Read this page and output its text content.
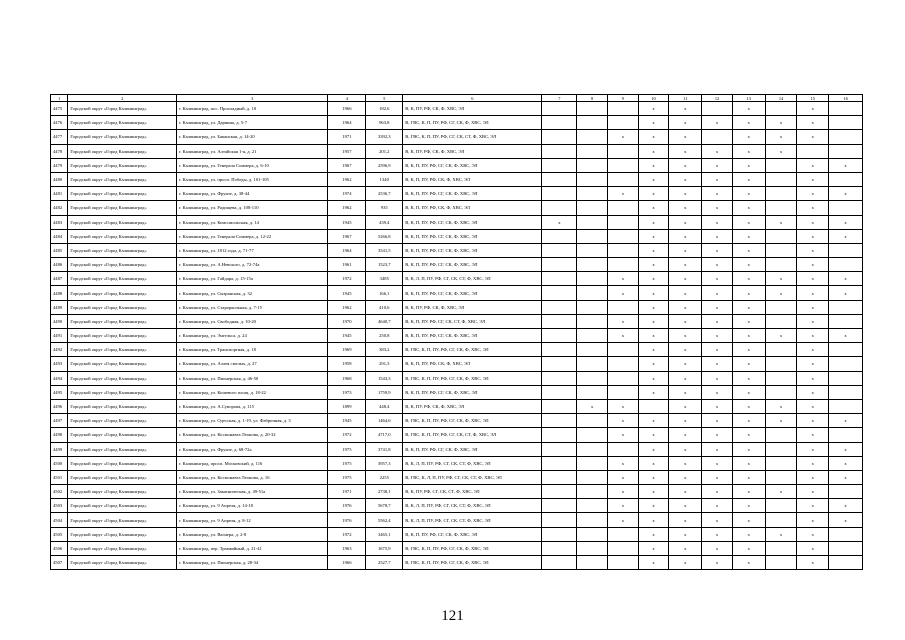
1	2	3	4	5	6	7	8	9	10	11	12	13	14	15	16
4475	Городской округ «Город Калининград»	г. Калининград, пос. Прохладный, д. 10	1966	182,6	В, К, ПУ, РФ, СК, Ф, ХВС, ЭЛ				x	x		x		x	
4476	Городской округ «Город Калининград»	г. Калининград, ул. Дарвина, д. 5-7	1964	963,8	В, ГВС, К, П, ПУ, РФ, СГ, СК, Ф, ХВС, ЭЛ				x	x	x	x	x	x	
4477	Городской округ «Город Калининград»	г. Калининград, ул. Баканская, д. 14-20	1971	3392,3	В, ГВС, К, П, ПУ, РФ, СГ, СК, СТ, Ф, ХВС, ЭЛ			x	x	x		x	x	x	
4478	Городской округ «Город Калининград»	г. Калининград, ул. Алтайская 1-я, д. 21	1957	201,2	В, К, ПУ, РФ, СК, Ф, ХВС, ЭЛ				x	x	x	x	x		
4479	Городской округ «Город Калининград»	г. Калининград, ул. Генерала Соммера, д. 6-10	1967	2596,9	В, К, П, ПУ, РФ, СГ, СК, Ф, ХВС, ЭЛ				x	x	x	x		x	x
4480	Городской округ «Город Калининград»	г. Калининград, ул. просп. Победы, д. 101-105	1962	1340	В, К, П, ПУ, РФ, СК, Ф, ХВС, ЭЛ				x	x	x	x		x	
4481	Городской округ «Город Калининград»	г. Калининград, ул. Фрунзе, д. 38-44	1974	2536,7	В, К, П, ПУ, РФ, СГ, СК, Ф, ХВС, ЭЛ			x	x	x	x	x		x	x
4482	Городской округ «Город Калининград»	г. Калининград, ул. Радищева, д. 108-110	1962	935	В, К, П, ПУ, РФ, СК, Ф, ХВС, ЭЛ				x	x	x	x		x	
4483	Городской округ «Город Калининград»	г. Калининград, ул. Комсомольская, д. 14	1945	439,4	В, К, П, ПУ, РФ, СГ, СК, Ф, ХВС, ЭЛ	x			x	x	x	x	x	x	x
4484	Городской округ «Город Калининград»	г. Калининград, ул. Генерала Соммера, д. 12-22	1967	5266,8	В, К, П, ПУ, РФ, СГ, СК, Ф, ХВС, ЭЛ				x	x	x	x		x	x
4485	Городской округ «Город Калининград»	г. Калининград, ул. 1812 года, д. 71-77	1964	3541,5	В, К, П, ПУ, РФ, СГ, СК, Ф, ХВС, ЭЛ				x	x	x	x		x	
4486	Городской округ «Город Калининград»	г. Калининград, ул. А.Невского, д. 72-74а	1961	1523,7	В, К, П, ПУ, РФ, СГ, СК, Ф, ХВС, ЭЛ				x	x	x	x		x	
4487	Городской округ «Город Калининград»	г. Калининград, ул. Гайдара, д. 15-15а	1972	3485	В, К, Л, П, ПУ, РФ, СГ, СК, СТ, Ф, ХВС, ЭЛ			x	x	x	x	x	x	x	x
4488	Городской округ «Город Калининград»	г. Калининград, ул. Сызранская, д. 32	1945	166,1	В, К, П, ПУ, РФ, СГ, СК, Ф, ХВС, ЭЛ			x	x	x	x	x	x	x	x
4489	Городской округ «Город Калининград»	г. Калининград, ул. Староркольная, д. 7-15	1962	410,6	В, К, ПУ, РФ, СК, Ф, ХВС, ЭЛ				x	x	x	x		x	
4490	Городской округ «Город Калининград»	г. Калининград, ул. Свободная, д. 10-20	1970	4640,7	В, К, П, ПУ, РФ, СГ, СК, СТ, Ф, ХВС, ЭЛ			x	x	x	x	x		x	
4491	Городской округ «Город Калининград»	г. Калининград, ул. Энгельса, д. 24	1945	250,8	В, К, П, ПУ, РФ, СГ, СК, Ф, ХВС, ЭЛ			x	x	x	x	x	x	x	x
4492	Городской округ «Город Калининград»	г. Калининград, ул. Транспортная, д. 18	1969	383,2	В, ГВС, К, П, ПУ, РФ, СГ, СК, Ф, ХВС, ЭЛ				x	x	x	x		x	
4493	Городской округ «Город Калининград»	г. Калининград, ул. Аллея смелых, д. 27	1958	291,3	В, К, П, ПУ, РФ, СК, Ф, ХВС, ЭЛ				x	x	x	x		x	
4494	Городской округ «Город Калининград»	г. Калининград, ул. Пионерская, д. 46-50	1968	1543,3	В, ГВС, К, П, ПУ, РФ, СГ, СК, Ф, ХВС, ЭЛ				x	x	x	x		x	
4495	Городской округ «Город Калининград»	г. Калининград, ул. Кошевого площ. д. 18-22	1973	1759,9	В, К, П, ПУ, РФ, СГ, СК, Ф, ХВС, ЭЛ				x	x	x	x		x	
4496	Городской округ «Город Калининград»	г. Калининград, ул. А.Суворова, д. 115	1899	448,4	В, К, ПУ, РФ, СК, Ф, ХВС, ЭЛ		x	x		x	x	x	x	x	
4497	Городской округ «Город Калининград»	г. Калининград, ул. Одесская, д. 1-19, ул. Фабричная, д. 3	1945	1464,6	В, ГВС, К, П, ПУ, РФ, СГ, СК, Ф, ХВС, ЭЛ			x	x	x	x	x	x	x	x
4498	Городской округ «Город Калининград»	г. Калининград, ул. Космонавта Леонова, д. 20-32	1972	4717,0	В, ГВС, К, П, ПУ, РФ, СГ, СК, СТ, Ф, ХВС, ЭЛ			x	x	x	x	x		x	
4499	Городской округ «Город Калининград»	г. Калининград, ул. Фрунзе, д. 68-72а	1975	3741,8	В, К, П, ПУ, РФ, СГ, СК, Ф, ХВС, ЭЛ				x	x	x	x		x	x
4500	Городской округ «Город Калининград»	г. Калининград, просп. Московский, д. 116	1975	3957,3	В, К, Л, П, ПУ, РФ, СГ, СК, СТ, Ф, ХВС, ЭЛ			x	x	x	x	x		x	x
4501	Городской округ «Город Калининград»	г. Калининград, ул. Космонавта Леонова, д. 16	1975	2255	В, ГВС, К, Л, П, ПУ, РФ, СГ, СК, СТ, Ф, ХВС, ЭЛ			x	x	x	x	x		x	x
4502	Городской округ «Город Калининград»	г. Калининград, ул. Закатническая, д. 49-51а	1971	2738,1	В, К, ПУ, РФ, СГ, СК, СТ, Ф, ХВС, ЭЛ			x	x	x	x	x	x	x	
4503	Городской округ «Город Калининград»	г. Калининград, ул. 9 Апреля, д. 14-18	1976	5678,7	В, К, Л, П, ПУ, РФ, СГ, СК, СТ, Ф, ХВС, ЭЛ			x	x	x	x	x		x	x
4504	Городской округ «Город Калининград»	г. Калининград, ул. 9 Апреля, д. 8-12	1976	5562,4	В, К, Л, П, ПУ, РФ, СГ, СК, СТ, Ф, ХВС, ЭЛ			x	x	x	x	x		x	x
4505	Городской округ «Город Калининград»	г. Калининград, ул. Вагнера, д. 2-8	1972	3465,1	В, К, П, ПУ, РФ, СГ, СК, Ф, ХВС, ЭЛ				x	x	x	x	x	x	
4506	Городской округ «Город Калининград»	г. Калининград, пер. Трамвайный, д. 21-41	1963	1675,9	В, ГВС, К, П, ПУ, РФ, СГ, СК, Ф, ХВС, ЭЛ				x	x	x	x		x	
4507	Городской округ «Город Калининград»	г. Калининград, ул. Пионерская, д. 28-34	1966	2527,7	В, ГВС, К, П, ПУ, РФ, СГ, СК, Ф, ХВС, ЭЛ				x	x	x	x		x	
121
